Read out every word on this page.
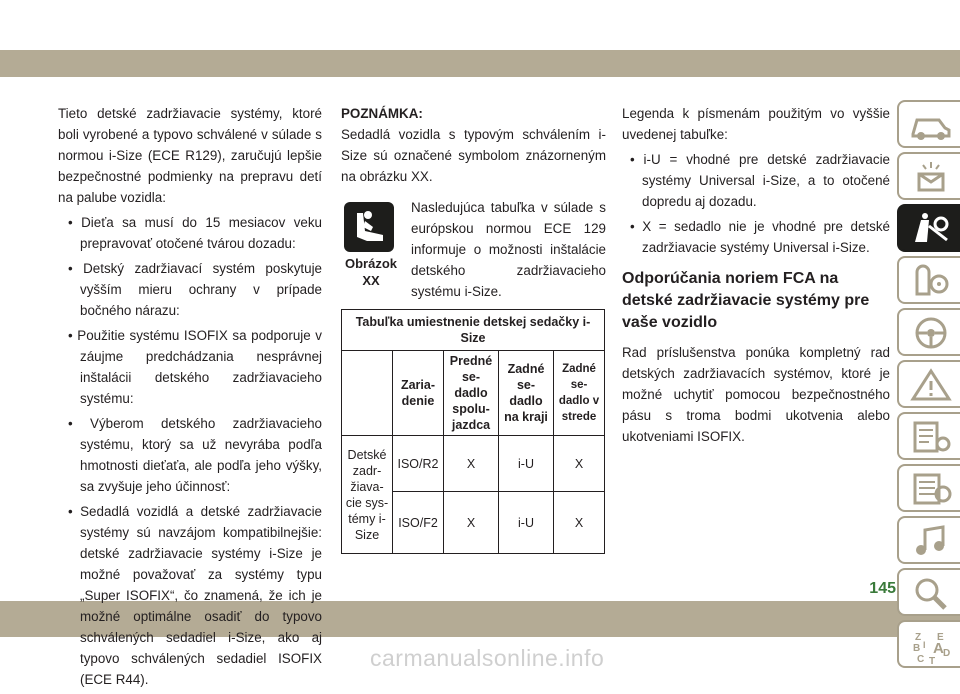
Tieto detské zadržiavacie systémy, ktoré boli vyrobené a typovo schválené v súlade s normou i-Size (ECE R129), zaručujú lepšie bezpečnostné podmienky na prepravu detí na palube vozidla:

• Dieťa sa musí do 15 mesiacov veku prepravovať otočené tvárou dozadu:
• Detský zadržiavací systém poskytuje vyšším mieru ochrany v prípade bočného nárazu:
• Použitie systému ISOFIX sa podporuje v záujme predchádzania nesprávnej inštalácii detského zadržiavacieho systému:
• Výberom detského zadržiavacieho systému, ktorý sa už nevyrába podľa hmotnosti dieťaťa, ale podľa jeho výšky, sa zvyšuje jeho účinnosť:
• Sedadlá vozidlá a detské zadržiavacie systémy sú navzájom kompatibilnejšie: detské zadržiavacie systémy i-Size je možné považovať za systémy typu „Super ISOFIX“, čo znamená, že ich je možné optimálne osadiť do typovo schválených sedadiel i-Size, ako aj typovo schválených sedadiel ISOFIX (ECE R44).

POZNÁMKA:

Sedadlá vozidla s typovým schválením i-Size sú označené symbolom znázorneným na obrázku XX.

Obrázok XX

Nasledujúca tabuľka v súlade s európskou normou ECE 129 informuje o možnosti inštalácie detského zadržiavacieho systému i-Size.

Tabuľka umiestnenie detskej sedačky i-Size				
	Zaria-denie	Predné se-dadlo spolu-jazdca	Zadné se-dadlo na kraji	Zadné se-dadlo v strede
Detské zadr-žiava-cie sys-témy i-Size	ISO/R2	X	i-U	X
	ISO/F2	X	i-U	X

Legenda k písmenám použitým vo vyššie uvedenej tabuľke:

• i-U = vhodné pre detské zadržiavacie systémy Universal i-Size, a to otočené dopredu aj dozadu.
• X = sedadlo nie je vhodné pre detské zadržiavacie systémy Universal i-Size.
Odporúčania noriem FCA na detské zadržiavacie systémy pre vaše vozidlo

Rad príslušenstva ponúka kompletný rad detských zadržiavacích systémov, ktoré je možné uchytiť pomocou bezpečnostného pásu s troma bodmi ukotvenia alebo ukotveniami ISOFIX.

Z E
B A
I
C
D
T
145
carmanualsonline.info
